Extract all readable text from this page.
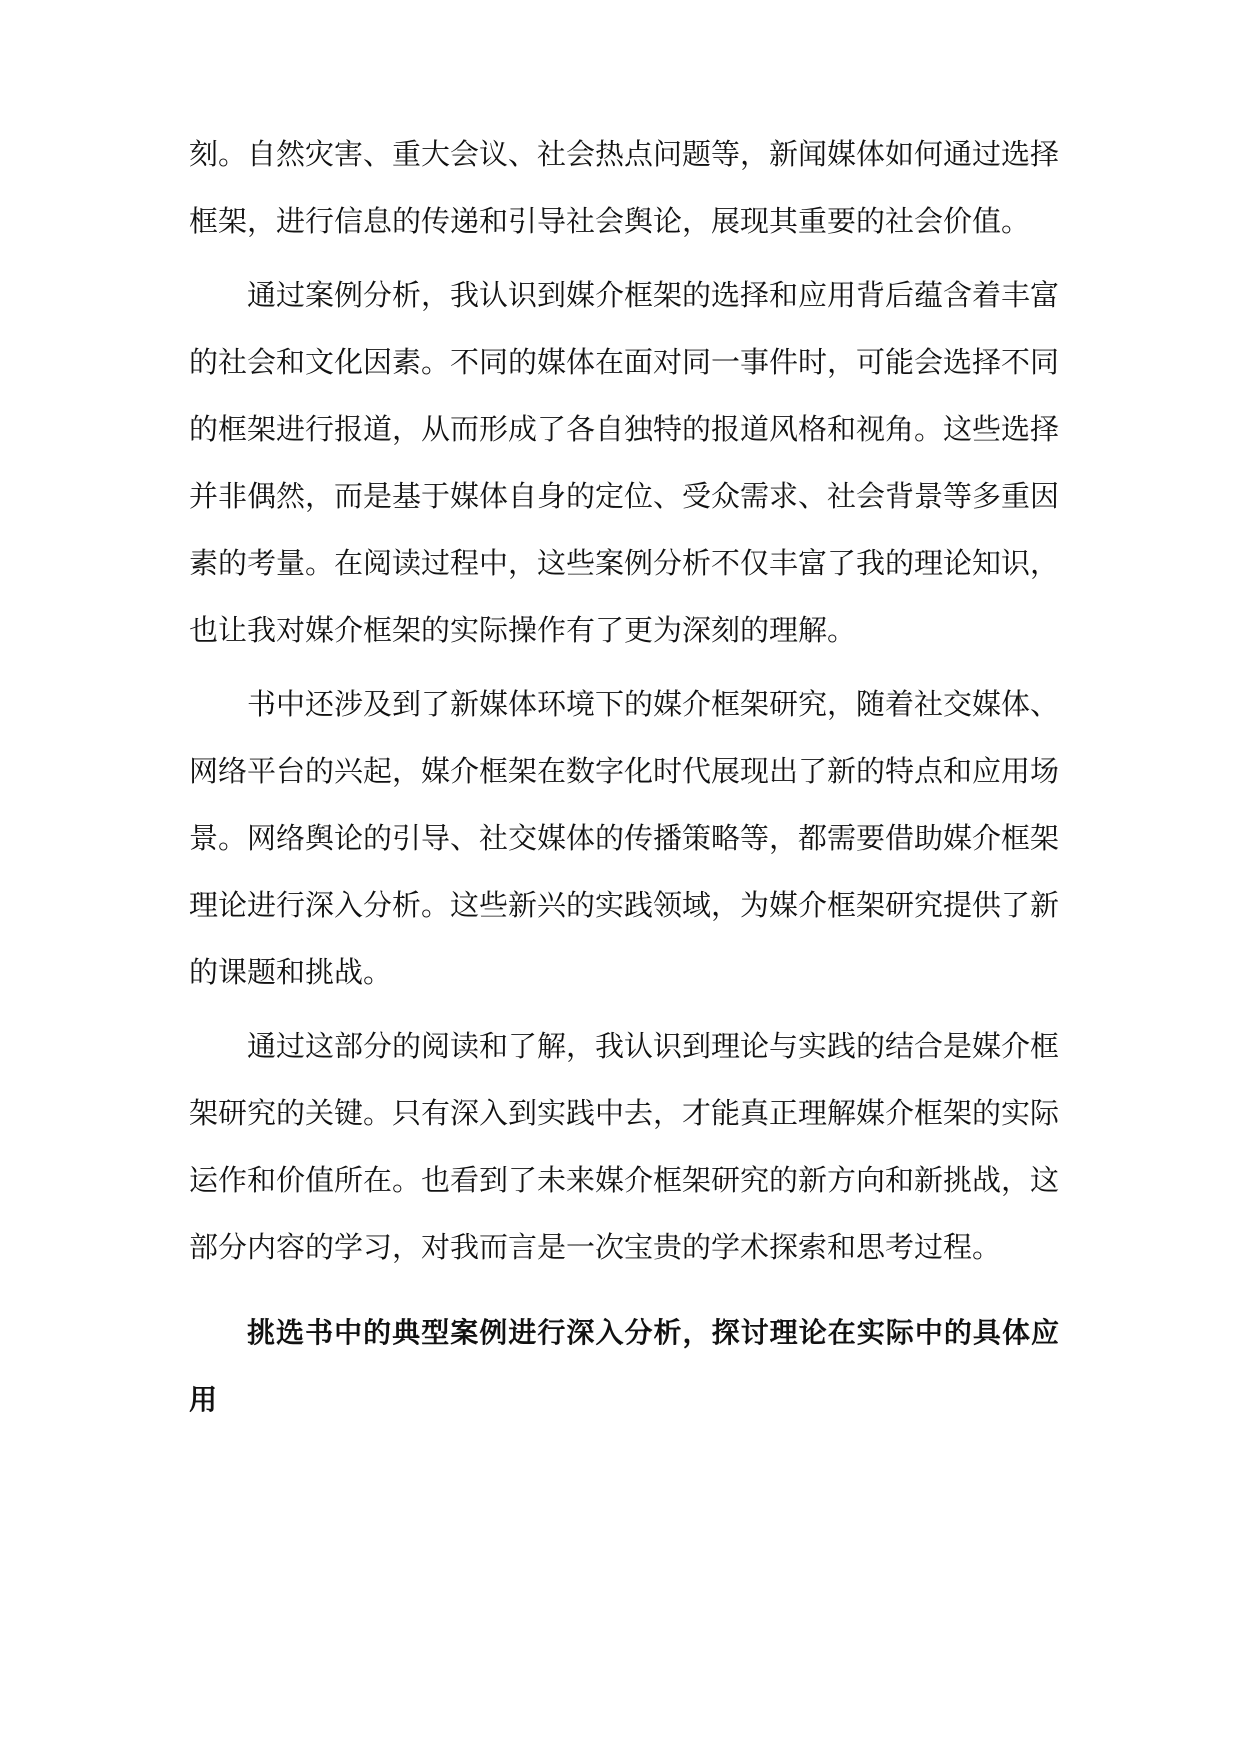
刻。自然灾害、重大会议、社会热点问题等，新闻媒体如何通过选择
框架，进行信息的传递和引导社会舆论，展现其重要的社会价值。
通过案例分析，我认识到媒介框架的选择和应用背后蕴含着丰富
的社会和文化因素。不同的媒体在面对同一事件时，可能会选择不同
的框架进行报道，从而形成了各自独特的报道风格和视角。这些选择
并非偶然，而是基于媒体自身的定位、受众需求、社会背景等多重因
素的考量。在阅读过程中，这些案例分析不仅丰富了我的理论知识，
也让我对媒介框架的实际操作有了更为深刻的理解。
书中还涉及到了新媒体环境下的媒介框架研究，随着社交媒体、
网络平台的兴起，媒介框架在数字化时代展现出了新的特点和应用场
景。网络舆论的引导、社交媒体的传播策略等，都需要借助媒介框架
理论进行深入分析。这些新兴的实践领域，为媒介框架研究提供了新
的课题和挑战。
通过这部分的阅读和了解，我认识到理论与实践的结合是媒介框
架研究的关键。只有深入到实践中去，才能真正理解媒介框架的实际
运作和价值所在。也看到了未来媒介框架研究的新方向和新挑战，这
部分内容的学习，对我而言是一次宝贵的学术探索和思考过程。
挑选书中的典型案例进行深入分析，探讨理论在实际中的具体应
用
